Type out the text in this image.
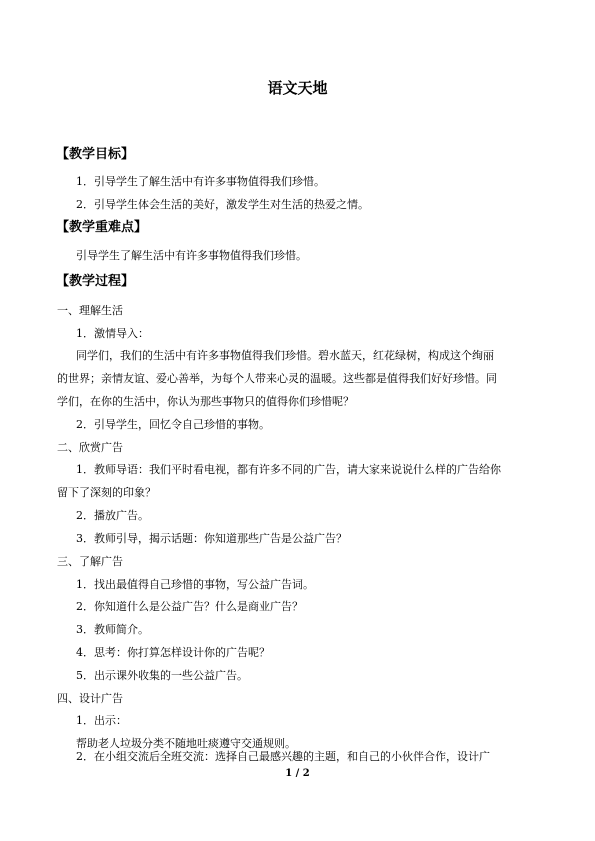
语文天地
【教学目标】
1．引导学生了解生活中有许多事物值得我们珍惜。
2．引导学生体会生活的美好，激发学生对生活的热爱之情。
【教学重难点】
引导学生了解生活中有许多事物值得我们珍惜。
【教学过程】
一、理解生活
1．激情导入：
同学们，我们的生活中有许多事物值得我们珍惜。碧水蓝天，红花绿树，构成这个绚丽
的世界；亲情友谊、爱心善举，为每个人带来心灵的温暖。这些都是值得我们好好珍惜。同
学们，在你的生活中，你认为那些事物只的值得你们珍惜呢？
2．引导学生，回忆令自己珍惜的事物。
二、欣赏广告
1．教师导语：我们平时看电视，都有许多不同的广告，请大家来说说什么样的广告给你
留下了深刻的印象？
2．播放广告。
3．教师引导，揭示话题：你知道那些广告是公益广告？
三、了解广告
1．找出最值得自己珍惜的事物，写公益广告词。
2．你知道什么是公益广告？什么是商业广告？
3．教师简介。
4．思考：你打算怎样设计你的广告呢？
5．出示课外收集的一些公益广告。
四、设计广告
1．出示：
帮助老人垃圾分类不随地吐痰遵守交通规则。
2．在小组交流后全班交流：选择自己最感兴趣的主题，和自己的小伙伴合作，设计广
1 / 2
